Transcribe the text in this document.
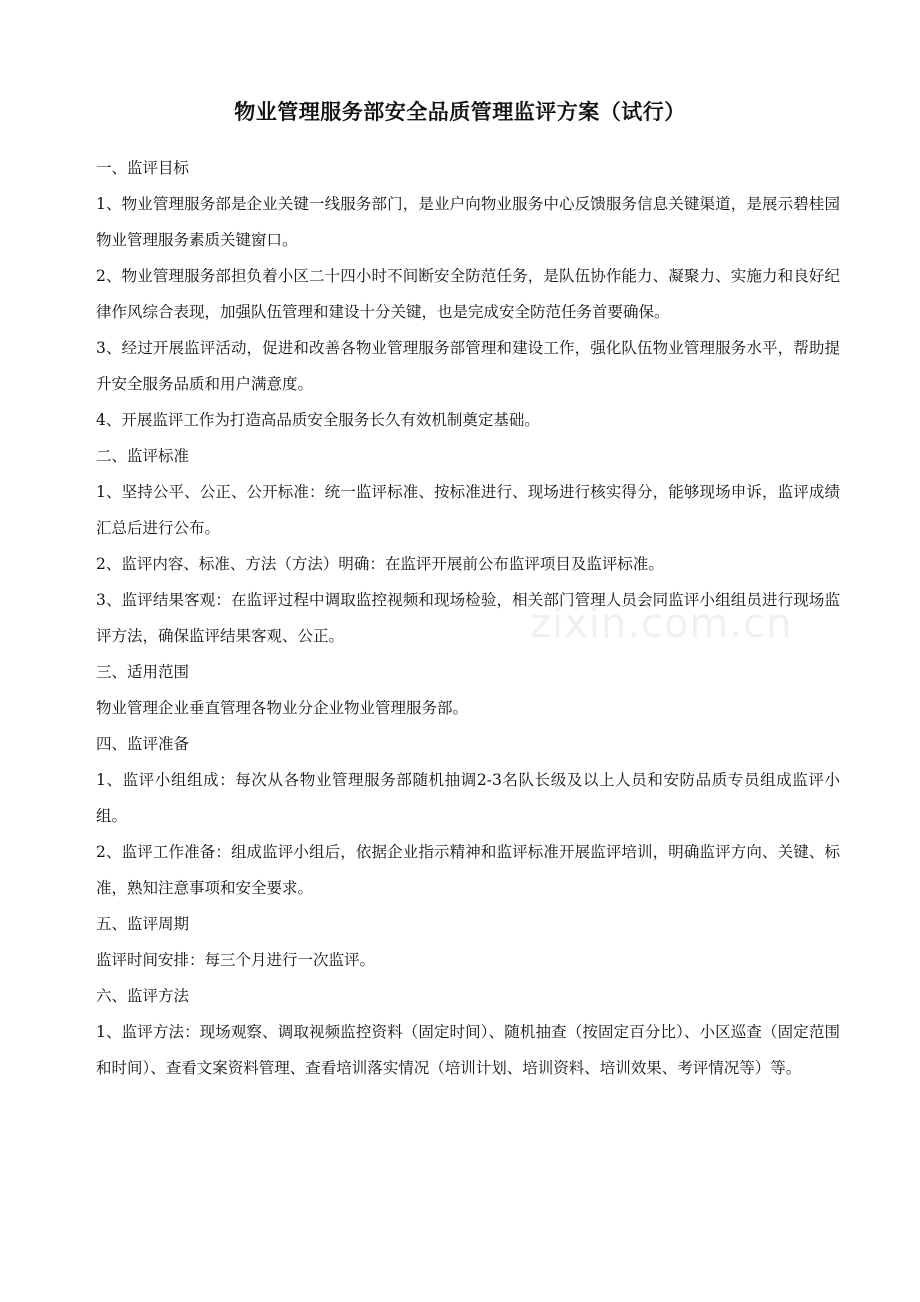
zixin.com.cn
物业管理服务部安全品质管理监评方案（试行）

一、监评目标

1、物业管理服务部是企业关键一线服务部门，是业户向物业服务中心反馈服务信息关键渠道，是展示碧桂园物业管理服务素质关键窗口。

2、物业管理服务部担负着小区二十四小时不间断安全防范任务，是队伍协作能力、凝聚力、实施力和良好纪律作风综合表现，加强队伍管理和建设十分关键，也是完成安全防范任务首要确保。

3、经过开展监评活动，促进和改善各物业管理服务部管理和建设工作，强化队伍物业管理服务水平，帮助提升安全服务品质和用户满意度。

4、开展监评工作为打造高品质安全服务长久有效机制奠定基础。

二、监评标准

1、坚持公平、公正、公开标准：统一监评标准、按标准进行、现场进行核实得分，能够现场申诉，监评成绩汇总后进行公布。

2、监评内容、标准、方法（方法）明确：在监评开展前公布监评项目及监评标准。

3、监评结果客观：在监评过程中调取监控视频和现场检验，相关部门管理人员会同监评小组组员进行现场监评方法，确保监评结果客观、公正。

三、适用范围

物业管理企业垂直管理各物业分企业物业管理服务部。

四、监评准备

1、监评小组组成：每次从各物业管理服务部随机抽调2-3名队长级及以上人员和安防品质专员组成监评小组。

2、监评工作准备：组成监评小组后，依据企业指示精神和监评标准开展监评培训，明确监评方向、关键、标准，熟知注意事项和安全要求。

五、监评周期

监评时间安排：每三个月进行一次监评。

六、监评方法

1、监评方法：现场观察、调取视频监控资料（固定时间）、随机抽查（按固定百分比）、小区巡查（固定范围和时间）、查看文案资料管理、查看培训落实情况（培训计划、培训资料、培训效果、考评情况等）等。
